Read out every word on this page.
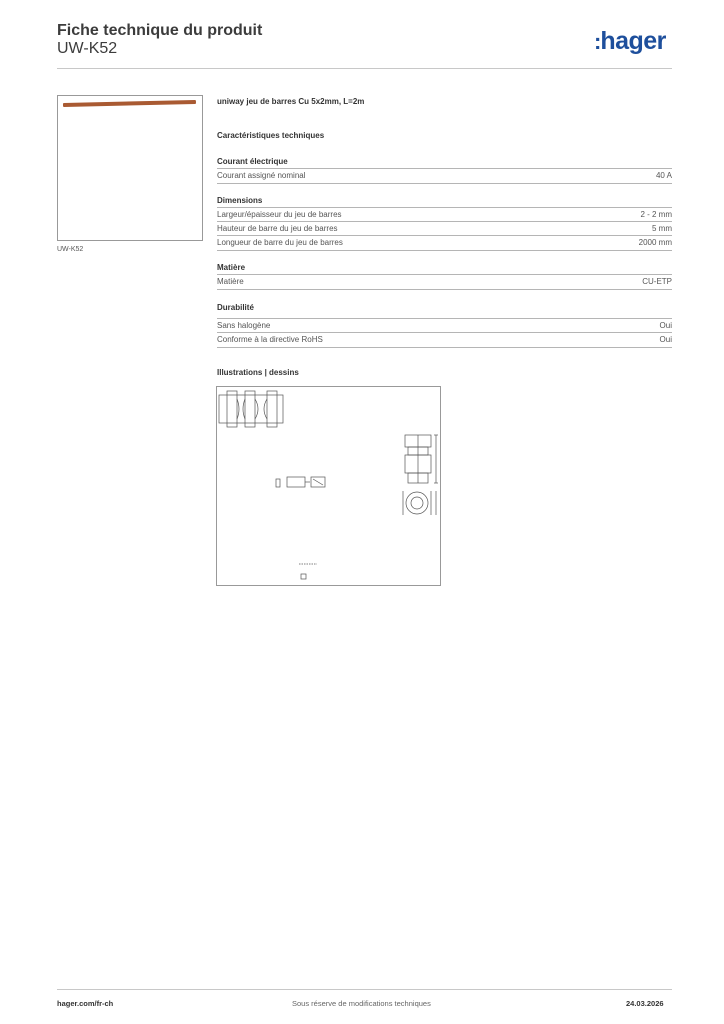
Fiche technique du produit
UW-K52	:hager
UW-K52
uniway jeu de barres Cu 5x2mm, L=2m
Caractéristiques techniques
Courant électrique
Courant assigné nominal	40 A
Dimensions
Largeur/épaisseur du jeu de barres	2 - 2 mm
Hauteur de barre du jeu de barres	5 mm
Longueur de barre du jeu de barres	2000 mm
Matière
Matière	CU-ETP
Durabilité
Sans halogène	Oui
Conforme à la directive RoHS	Oui
Illustrations | dessins
hager.com/fr-ch	Sous réserve de modifications techniques	24.03.2026
